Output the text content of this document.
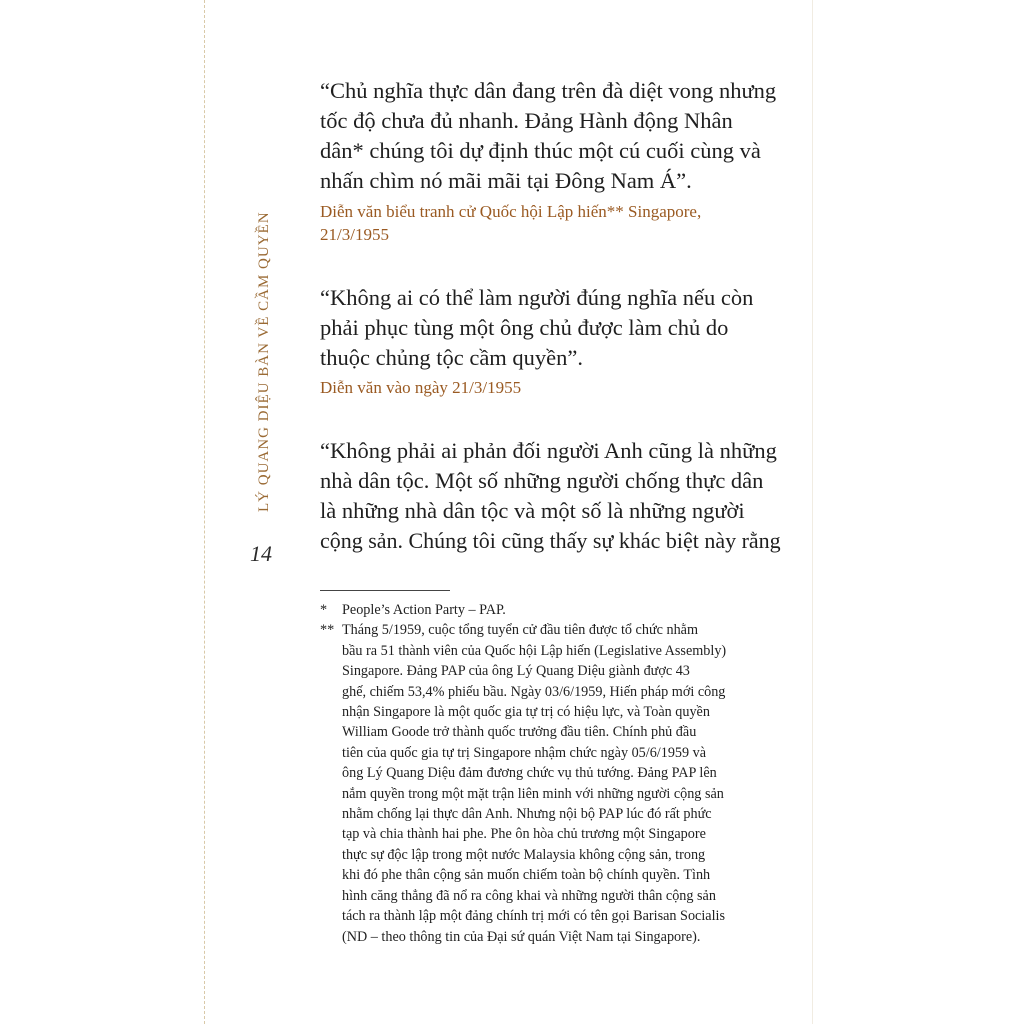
LÝ QUANG DIỆU BÀN VỀ CẦM QUYỀN
14
“Chủ nghĩa thực dân đang trên đà diệt vong nhưng
tốc độ chưa đủ nhanh. Đảng Hành động Nhân
dân* chúng tôi dự định thúc một cú cuối cùng và
nhấn chìm nó mãi mãi tại Đông Nam Á”.
Diễn văn biểu tranh cử Quốc hội Lập hiến** Singapore,
21/3/1955
“Không ai có thể làm người đúng nghĩa nếu còn
phải phục tùng một ông chủ được làm chủ do
thuộc chủng tộc cầm quyền”.
Diễn văn vào ngày 21/3/1955
“Không phải ai phản đối người Anh cũng là những
nhà dân tộc. Một số những người chống thực dân
là những nhà dân tộc và một số là những người
cộng sản. Chúng tôi cũng thấy sự khác biệt này rằng
* People’s Action Party – PAP.
** Tháng 5/1959, cuộc tổng tuyển cử đầu tiên được tổ chức nhằm
bầu ra 51 thành viên của Quốc hội Lập hiến (Legislative Assembly)
Singapore. Đảng PAP của ông Lý Quang Diệu giành được 43
ghế, chiếm 53,4% phiếu bầu. Ngày 03/6/1959, Hiến pháp mới công
nhận Singapore là một quốc gia tự trị có hiệu lực, và Toàn quyền
William Goode trở thành quốc trưởng đầu tiên. Chính phủ đầu
tiên của quốc gia tự trị Singapore nhậm chức ngày 05/6/1959 và
ông Lý Quang Diệu đảm đương chức vụ thủ tướng. Đảng PAP lên
nắm quyền trong một mặt trận liên minh với những người cộng sản
nhằm chống lại thực dân Anh. Nhưng nội bộ PAP lúc đó rất phức
tạp và chia thành hai phe. Phe ôn hòa chủ trương một Singapore
thực sự độc lập trong một nước Malaysia không cộng sản, trong
khi đó phe thân cộng sản muốn chiếm toàn bộ chính quyền. Tình
hình căng thẳng đã nổ ra công khai và những người thân cộng sản
tách ra thành lập một đảng chính trị mới có tên gọi Barisan Socialis
(ND – theo thông tin của Đại sứ quán Việt Nam tại Singapore).
